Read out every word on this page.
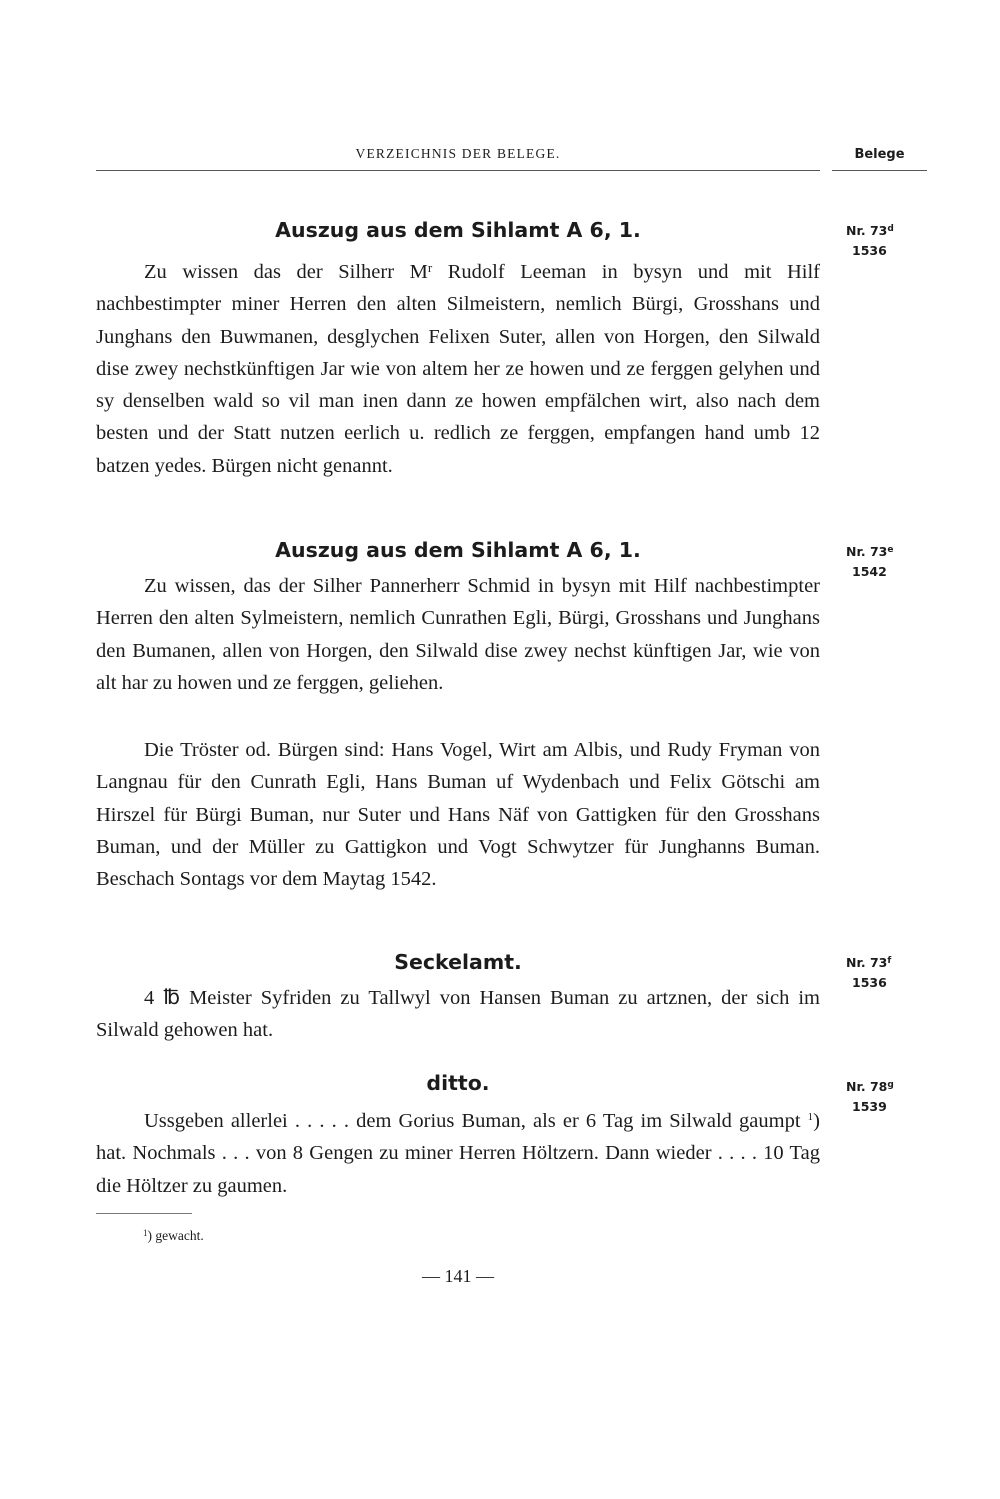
VERZEICHNIS DER BELEGE.	Belege
Auszug aus dem Sihlamt A 6, 1.	Nr. 73$^d$
1536

Zu wissen das der Silherr $M^r$ Rudolf Leeman in bysyn und mit Hilf nachbestimpter miner Herren den alten Silmeistern, nemlich Bürgi, Grosshans und Junghans den Buwmanen, desglychen Felixen Suter, allen von Horgen, den Silwald dise zwey nechstkünftigen Jar wie von altem her ze howen und ze ferggen gelyhen und sy denselben wald so vil man inen dann ze howen empfälchen wirt, also nach dem besten und der Statt nutzen eerlich u. redlich ze ferggen, empfangen hand umb 12 batzen yedes. Bürgen nicht genannt.

Auszug aus dem Sihlamt A 6, 1.	Nr. 73e
1542

Zu wissen, das der Silher Pannerherr Schmid in bysyn mit Hilf nachbestimpter Herren den alten Sylmeistern, nemlich Cunrathen Egli, Bürgi, Grosshans und Junghans den Bumanen, allen von Horgen, den Silwald dise zwey nechst künftigen Jar, wie von alt har zu howen und ze ferggen, geliehen.

Die Tröster od. Bürgen sind: Hans Vogel, Wirt am Albis, und Rudy Fryman von Langnau für den Cunrath Egli, Hans Buman uf Wydenbach und Felix Götschi am Hirszel für Bürgi Buman, nur Suter und Hans Näf von Gattigken für den Grosshans Buman, und der Müller zu Gattigkon und Vogt Schwytzer für Junghanns Buman. Beschach Sontags vor dem Maytag 1542.

Seckelamt.	Nr. 73$^f$
1536

4 ℔ Meister Syfriden zu Tallwyl von Hansen Buman zu artznen, der sich im Silwald gehowen hat.

ditto.	Nr. 78$^g$
1539

Ussgeben allerlei . . . . . dem Gorius Buman, als er 6 Tag im Silwald gaumpt $^1$) hat. Nochmals . . . von 8 Gengen zu miner Herren Höltzern. Dann wieder . . . . 10 Tag die Höltzer zu gaumen.

$^1$) gewacht.
— 141 —
